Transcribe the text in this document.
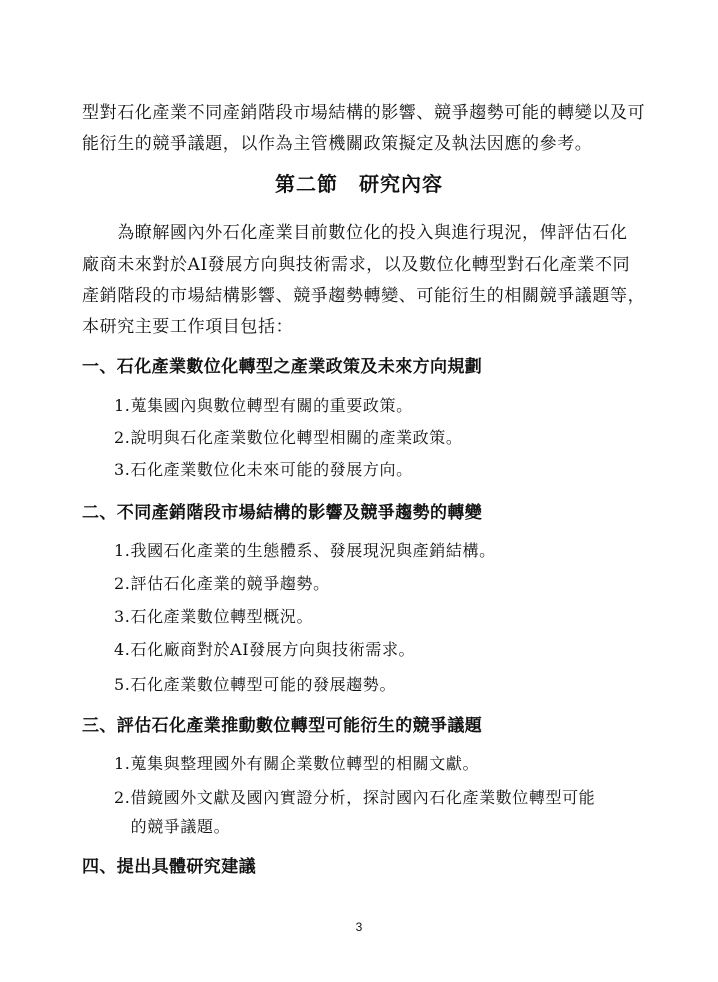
型對石化產業不同產銷階段市場結構的影響、競爭趨勢可能的轉變以及可
能衍生的競爭議題，以作為主管機關政策擬定及執法因應的參考。
第二節　研究內容
　　為瞭解國內外石化產業目前數位化的投入與進行現況，俾評估石化
廠商未來對於AI發展方向與技術需求，以及數位化轉型對石化產業不同
產銷階段的市場結構影響、競爭趨勢轉變、可能衍生的相關競爭議題等，
本研究主要工作項目包括：
一、石化產業數位化轉型之產業政策及未來方向規劃
1.蒐集國內與數位轉型有關的重要政策。
2.說明與石化產業數位化轉型相關的產業政策。
3.石化產業數位化未來可能的發展方向。
二、不同產銷階段市場結構的影響及競爭趨勢的轉變
1.我國石化產業的生態體系、發展現況與產銷結構。
2.評估石化產業的競爭趨勢。
3.石化產業數位轉型概況。
4.石化廠商對於AI發展方向與技術需求。
5.石化產業數位轉型可能的發展趨勢。
三、評估石化產業推動數位轉型可能衍生的競爭議題
1.蒐集與整理國外有關企業數位轉型的相關文獻。
2.借鏡國外文獻及國內實證分析，探討國內石化產業數位轉型可能
　的競爭議題。
四、提出具體研究建議
3
